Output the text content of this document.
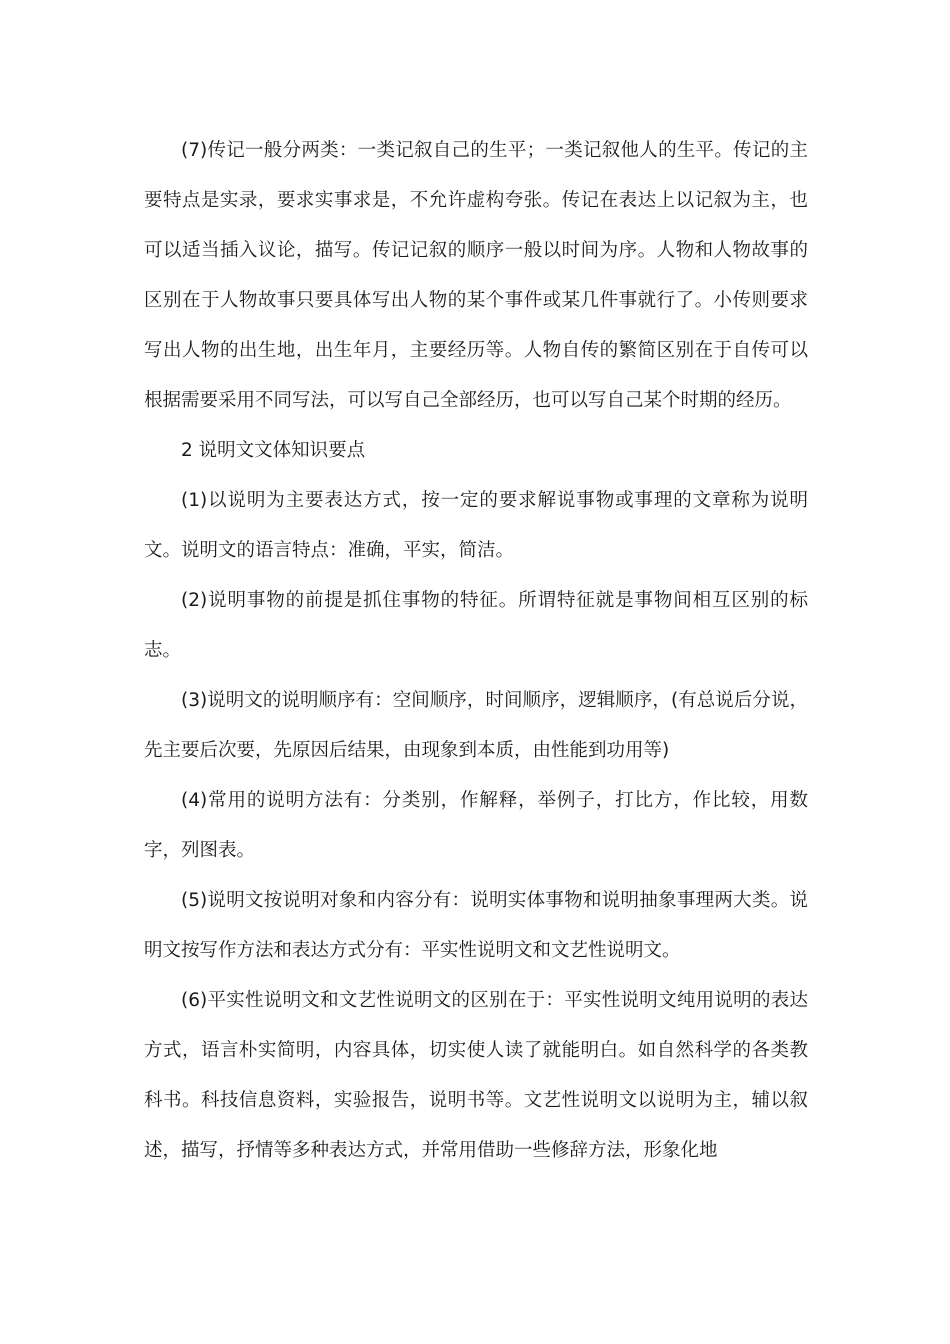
(7)传记一般分两类：一类记叙自己的生平；一类记叙他人的生平。传记的主要特点是实录，要求实事求是，不允许虚构夸张。传记在表达上以记叙为主，也可以适当插入议论，描写。传记记叙的顺序一般以时间为序。人物和人物故事的区别在于人物故事只要具体写出人物的某个事件或某几件事就行了。小传则要求写出人物的出生地，出生年月，主要经历等。人物自传的繁简区别在于自传可以根据需要采用不同写法，可以写自己全部经历，也可以写自己某个时期的经历。

2 说明文文体知识要点

(1)以说明为主要表达方式，按一定的要求解说事物或事理的文章称为说明文。说明文的语言特点：准确，平实，简洁。

(2)说明事物的前提是抓住事物的特征。所谓特征就是事物间相互区别的标志。

(3)说明文的说明顺序有：空间顺序，时间顺序，逻辑顺序，(有总说后分说，先主要后次要，先原因后结果，由现象到本质，由性能到功用等)

(4)常用的说明方法有：分类别，作解释，举例子，打比方，作比较，用数字，列图表。

(5)说明文按说明对象和内容分有：说明实体事物和说明抽象事理两大类。说明文按写作方法和表达方式分有：平实性说明文和文艺性说明文。

(6)平实性说明文和文艺性说明文的区别在于：平实性说明文纯用说明的表达方式，语言朴实简明，内容具体，切实使人读了就能明白。如自然科学的各类教科书。科技信息资料，实验报告，说明书等。文艺性说明文以说明为主，辅以叙述，描写，抒情等多种表达方式，并常用借助一些修辞方法，形象化地
